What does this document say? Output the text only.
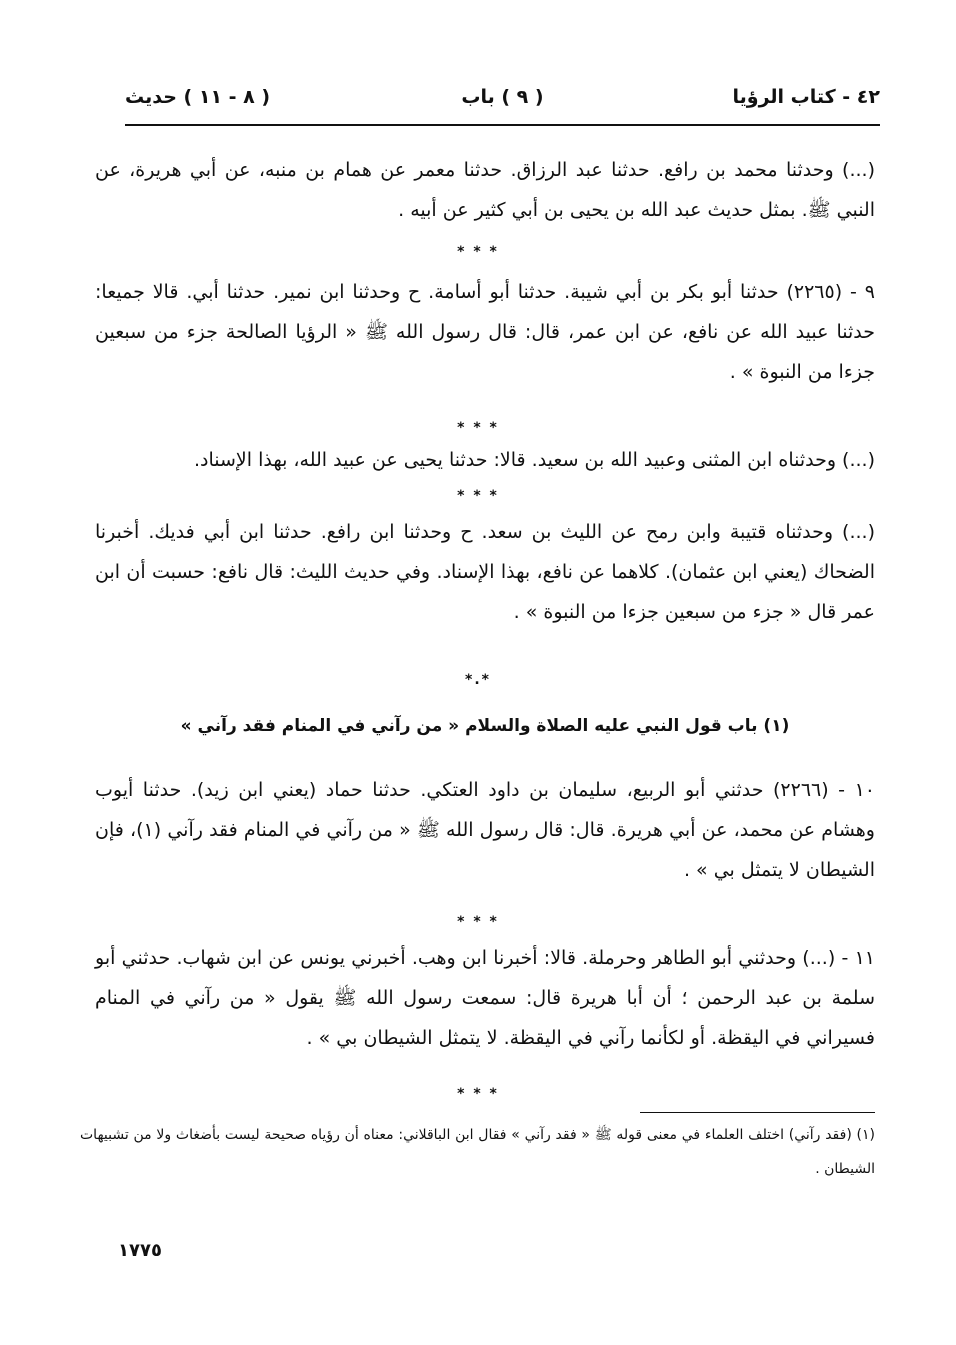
٤٢ - كتاب الرؤيا
( ٩ ) باب
( ٨ - ١١ ) حديث
(...) وحدثنا محمد بن رافع. حدثنا عبد الرزاق. حدثنا معمر عن همام بن منبه، عن أبي هريرة، عن النبي ﷺ. بمثل حديث عبد الله بن يحيى بن أبي كثير عن أبيه .
* * *
٩ - (٢٢٦٥) حدثنا أبو بكر بن أبي شيبة. حدثنا أبو أسامة. ح وحدثنا ابن نمير. حدثنا أبي. قالا جميعا: حدثنا عبيد الله عن نافع، عن ابن عمر، قال: قال رسول الله ﷺ « الرؤيا الصالحة جزء من سبعين جزءا من النبوة » .
* * *
(...) وحدثناه ابن المثنى وعبيد الله بن سعيد. قالا: حدثنا يحيى عن عبيد الله، بهذا الإسناد.
* * *
(...) وحدثناه قتيبة وابن رمح عن الليث بن سعد. ح وحدثنا ابن رافع. حدثنا ابن أبي فديك. أخبرنا الضحاك (يعني ابن عثمان). كلاهما عن نافع، بهذا الإسناد. وفي حديث الليث: قال نافع: حسبت أن ابن عمر قال « جزء من سبعين جزءا من النبوة » .
*.*
(١) باب قول النبي عليه الصلاة والسلام « من رآني في المنام فقد رآني »
١٠ - (٢٢٦٦) حدثني أبو الربيع، سليمان بن داود العتكي. حدثنا حماد (يعني ابن زيد). حدثنا أيوب وهشام عن محمد، عن أبي هريرة. قال: قال رسول الله ﷺ « من رآني في المنام فقد رآني (١)، فإن الشيطان لا يتمثل بي » .
* * *
١١ - (...) وحدثني أبو الطاهر وحرملة. قالا: أخبرنا ابن وهب. أخبرني يونس عن ابن شهاب. حدثني أبو سلمة بن عبد الرحمن ؛ أن أبا هريرة قال: سمعت رسول الله ﷺ يقول « من رآني في المنام فسيراني في اليقظة. أو لكأنما رآني في اليقظة. لا يتمثل الشيطان بي » .
* * *
(١) (فقد رآني) اختلف العلماء في معنى قوله ﷺ « فقد رآني » فقال ابن الباقلاني: معناه أن رؤياه صحيحة ليست بأضغاث ولا من تشبيهات الشيطان .
١٧٧٥
